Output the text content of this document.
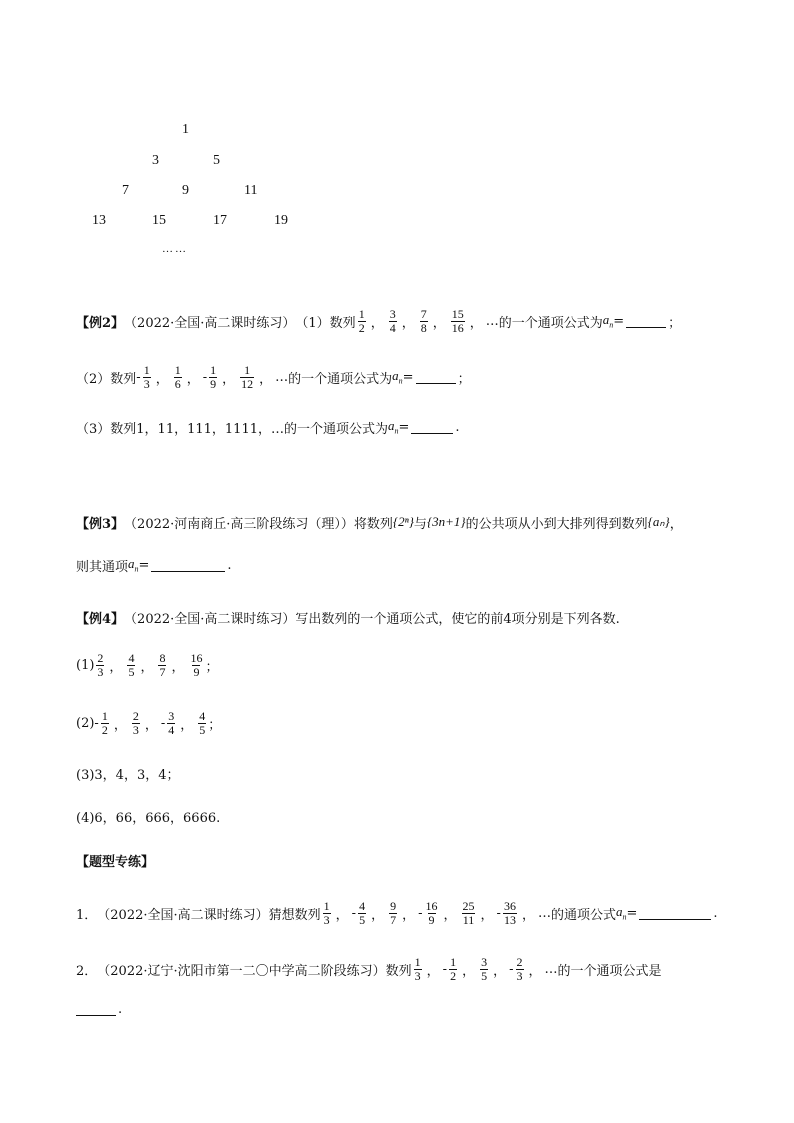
1
3	5
7	9	11
13	15	17	19
……
【例2】 （2022·全国·高二课时练习） （1）数列 $\frac{1}{2}$ ， $\frac{3}{4}$ ， $\frac{7}{8}$ ， $\frac{15}{16}$ ， … 的一个通项公式为 $a_n$ =	；
（2）数列 - $\frac{1}{3}$ ， $\frac{1}{6}$ ， - $\frac{1}{9}$ ， $\frac{1}{12}$ ， … 的一个通项公式为 $a_n$ =	；
（3）数列1，11，111，1111，…的一个通项公式为 $a_n$ =	.
【例3】 （2022·河南商丘·高三阶段练习（理）） 将数列 {2ⁿ} 与 {3n+1} 的公共项从小到大排列得到数列 {aₙ} ，
则其通项 $a_n$ =	.
【例4】 （2022·全国·高二课时练习） 写出数列的一个通项公式，使它的前4项分别是下列各数.
$(1) \frac{2}{3}$ ， $\frac{4}{5}$ ， $\frac{8}{7}$ ， $\frac{16}{9}$ ；
$(2) - \frac{1}{2}$ ， $\frac{2}{3}$ ， - $\frac{3}{4}$ ， $\frac{4}{5}$ ；
(3)3，4，3，4；
(4)6，66，666，6666.
【题型专练】
1． （2022·全国·高二课时练习） 猜想数列 $\frac{1}{3}$ ， - $\frac{4}{5}$ ， $\frac{9}{7}$ ， - $\frac{16}{9}$ ， $\frac{25}{11}$ ， - $\frac{36}{13}$ ， … 的通项公式 $a_n$ =	.
2． （2022·辽宁·沈阳市第一二〇中学高二阶段练习） 数列 $\frac{1}{3}$ ， - $\frac{1}{2}$ ， $\frac{3}{5}$ ， - $\frac{2}{3}$ ， … 的一个通项公式是
.
